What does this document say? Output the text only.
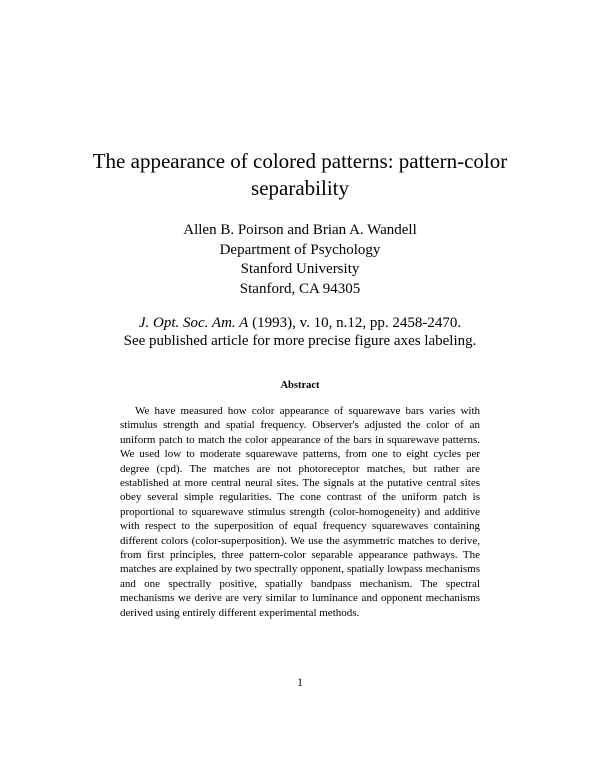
The appearance of colored patterns: pattern-color separability
Allen B. Poirson and Brian A. Wandell
Department of Psychology
Stanford University
Stanford, CA 94305
J. Opt. Soc. Am. A (1993), v. 10, n.12, pp. 2458-2470.
See published article for more precise figure axes labeling.
Abstract
We have measured how color appearance of squarewave bars varies with stimulus strength and spatial frequency. Observer's adjusted the color of an uniform patch to match the color appearance of the bars in squarewave patterns. We used low to moderate squarewave patterns, from one to eight cycles per degree (cpd). The matches are not photoreceptor matches, but rather are established at more central neural sites. The signals at the putative central sites obey several simple regularities. The cone contrast of the uniform patch is proportional to squarewave stimulus strength (color-homogeneity) and additive with respect to the superposition of equal frequency squarewaves containing different colors (color-superposition). We use the asymmetric matches to derive, from first principles, three pattern-color separable appearance pathways. The matches are explained by two spectrally opponent, spatially lowpass mechanisms and one spectrally positive, spatially bandpass mechanism. The spectral mechanisms we derive are very similar to luminance and opponent mechanisms derived using entirely different experimental methods.
1
